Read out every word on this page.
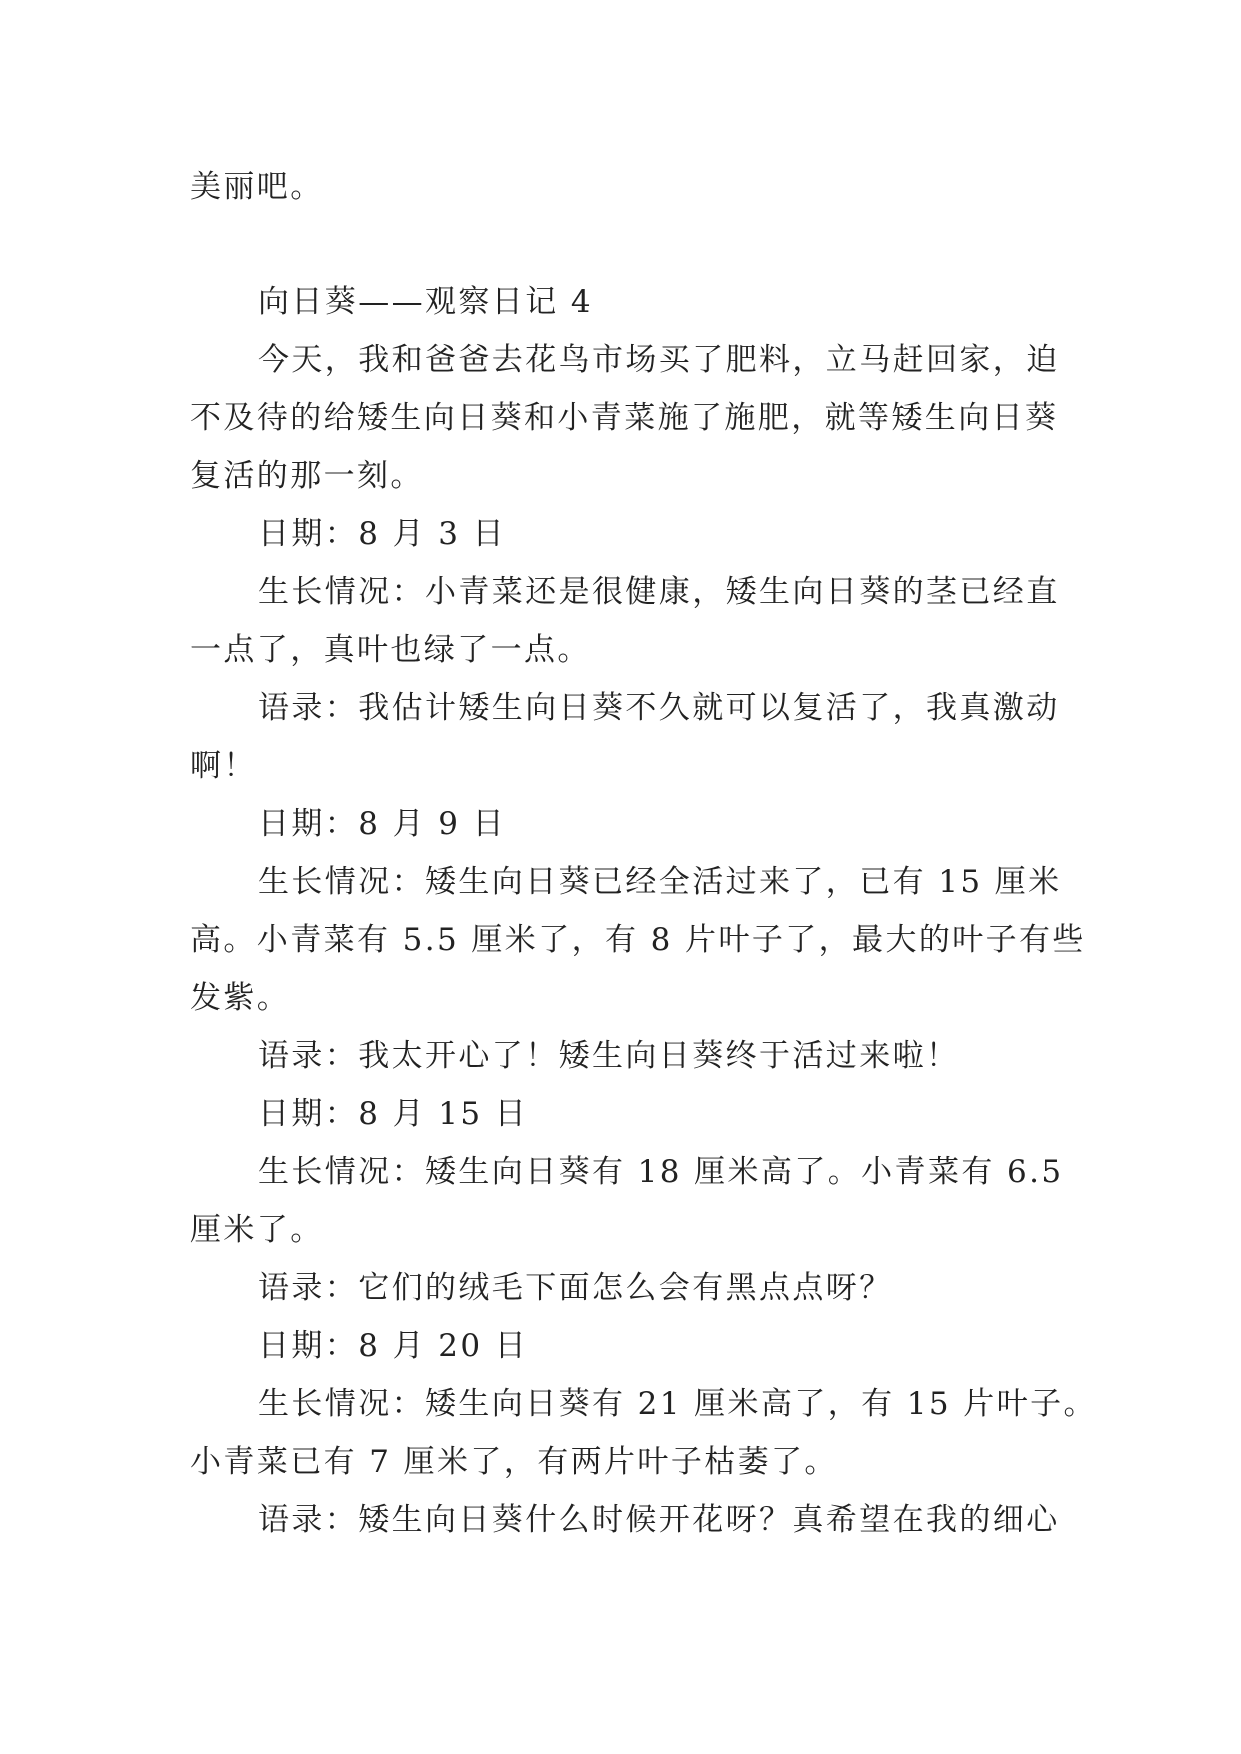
美丽吧。

向日葵——观察日记 4

今天，我和爸爸去花鸟市场买了肥料，立马赶回家，迫

不及待的给矮生向日葵和小青菜施了施肥，就等矮生向日葵

复活的那一刻。

日期：8 月 3 日

生长情况：小青菜还是很健康，矮生向日葵的茎已经直

一点了，真叶也绿了一点。

语录：我估计矮生向日葵不久就可以复活了，我真激动

啊！

日期：8 月 9 日

生长情况：矮生向日葵已经全活过来了，已有 15 厘米

高。小青菜有 5.5 厘米了，有 8 片叶子了，最大的叶子有些

发紫。

语录：我太开心了！矮生向日葵终于活过来啦！

日期：8 月 15 日

生长情况：矮生向日葵有 18 厘米高了。小青菜有 6.5

厘米了。

语录：它们的绒毛下面怎么会有黑点点呀？

日期：8 月 20 日

生长情况：矮生向日葵有 21 厘米高了，有 15 片叶子。

小青菜已有 7 厘米了，有两片叶子枯萎了。

语录：矮生向日葵什么时候开花呀？真希望在我的细心
